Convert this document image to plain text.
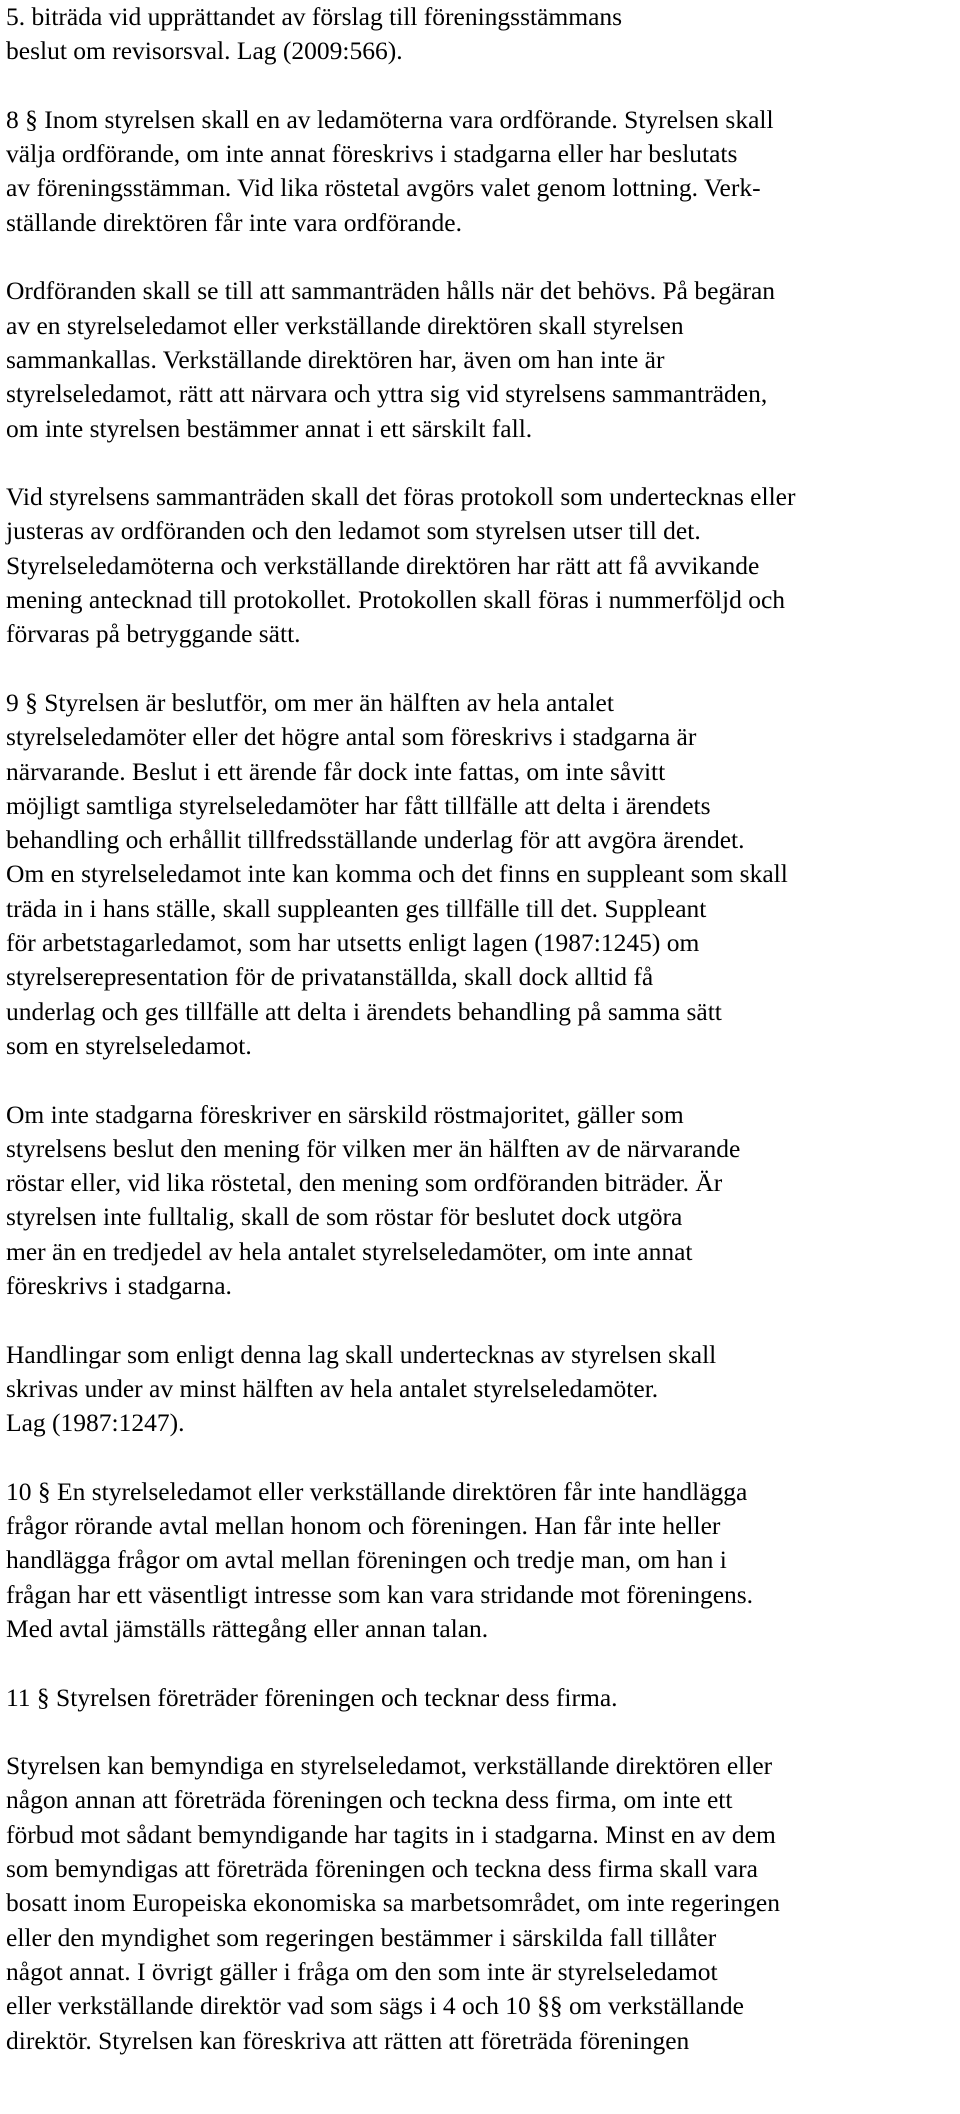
5. biträda vid upprättandet av förslag till föreningsstämmans
beslut om revisorsval. Lag (2009:566).
8 § Inom styrelsen skall en av ledamöterna vara ordförande. Styrelsen skall
välja ordförande, om inte annat föreskrivs i stadgarna eller har beslutats
av föreningsstämman. Vid lika röstetal avgörs valet genom lottning. Verk-
ställande direktören får inte vara ordförande.
Ordföranden skall se till att sammanträden hålls när det behövs. På begäran
av en styrelseledamot eller verkställande direktören skall styrelsen
sammankallas. Verkställande direktören har, även om han inte är
styrelseledamot, rätt att närvara och yttra sig vid styrelsens sammanträden,
om inte styrelsen bestämmer annat i ett särskilt fall.
Vid styrelsens sammanträden skall det föras protokoll som undertecknas eller
justeras av ordföranden och den ledamot som styrelsen utser till det.
Styrelseledamöterna och verkställande direktören har rätt att få avvikande
mening antecknad till protokollet. Protokollen skall föras i nummerföljd och
förvaras på betryggande sätt.
9 § Styrelsen är beslutför, om mer än hälften av hela antalet
styrelseledamöter eller det högre antal som föreskrivs i stadgarna är
närvarande. Beslut i ett ärende får dock inte fattas, om inte såvitt
möjligt samtliga styrelseledamöter har fått tillfälle att delta i ärendets
behandling och erhållit tillfredsställande underlag för att avgöra ärendet.
Om en styrelseledamot inte kan komma och det finns en suppleant som skall
träda in i hans ställe, skall suppleanten ges tillfälle till det. Suppleant
för arbetstagarledamot, som har utsetts enligt lagen (1987:1245) om
styrelserepresentation för de privatanställda, skall dock alltid få
underlag och ges tillfälle att delta i ärendets behandling på samma sätt
som en styrelseledamot.
Om inte stadgarna föreskriver en särskild röstmajoritet, gäller som
styrelsens beslut den mening för vilken mer än hälften av de närvarande
röstar eller, vid lika röstetal, den mening som ordföranden biträder. Är
styrelsen inte fulltalig, skall de som röstar för beslutet dock utgöra
mer än en tredjedel av hela antalet styrelseledamöter, om inte annat
föreskrivs i stadgarna.
Handlingar som enligt denna lag skall undertecknas av styrelsen skall
skrivas under av minst hälften av hela antalet styrelseledamöter.
Lag (1987:1247).
10 § En styrelseledamot eller verkställande direktören får inte handlägga
frågor rörande avtal mellan honom och föreningen. Han får inte heller
handlägga frågor om avtal mellan föreningen och tredje man, om han i
frågan har ett väsentligt intresse som kan vara stridande mot föreningens.
Med avtal jämställs rättegång eller annan talan.
11 § Styrelsen företräder föreningen och tecknar dess firma.
Styrelsen kan bemyndiga en styrelseledamot, verkställande direktören eller
någon annan att företräda föreningen och teckna dess firma, om inte ett
förbud mot sådant bemyndigande har tagits in i stadgarna. Minst en av dem
som bemyndigas att företräda föreningen och teckna dess firma skall vara
bosatt inom Europeiska ekonomiska sa marbetsområdet, om inte regeringen
eller den myndighet som regeringen bestämmer i särskilda fall tillåter
något annat. I övrigt gäller i fråga om den som inte är styrelseledamot
eller verkställande direktör vad som sägs i 4 och 10 §§ om verkställande
direktör. Styrelsen kan föreskriva att rätten att företräda föreningen
